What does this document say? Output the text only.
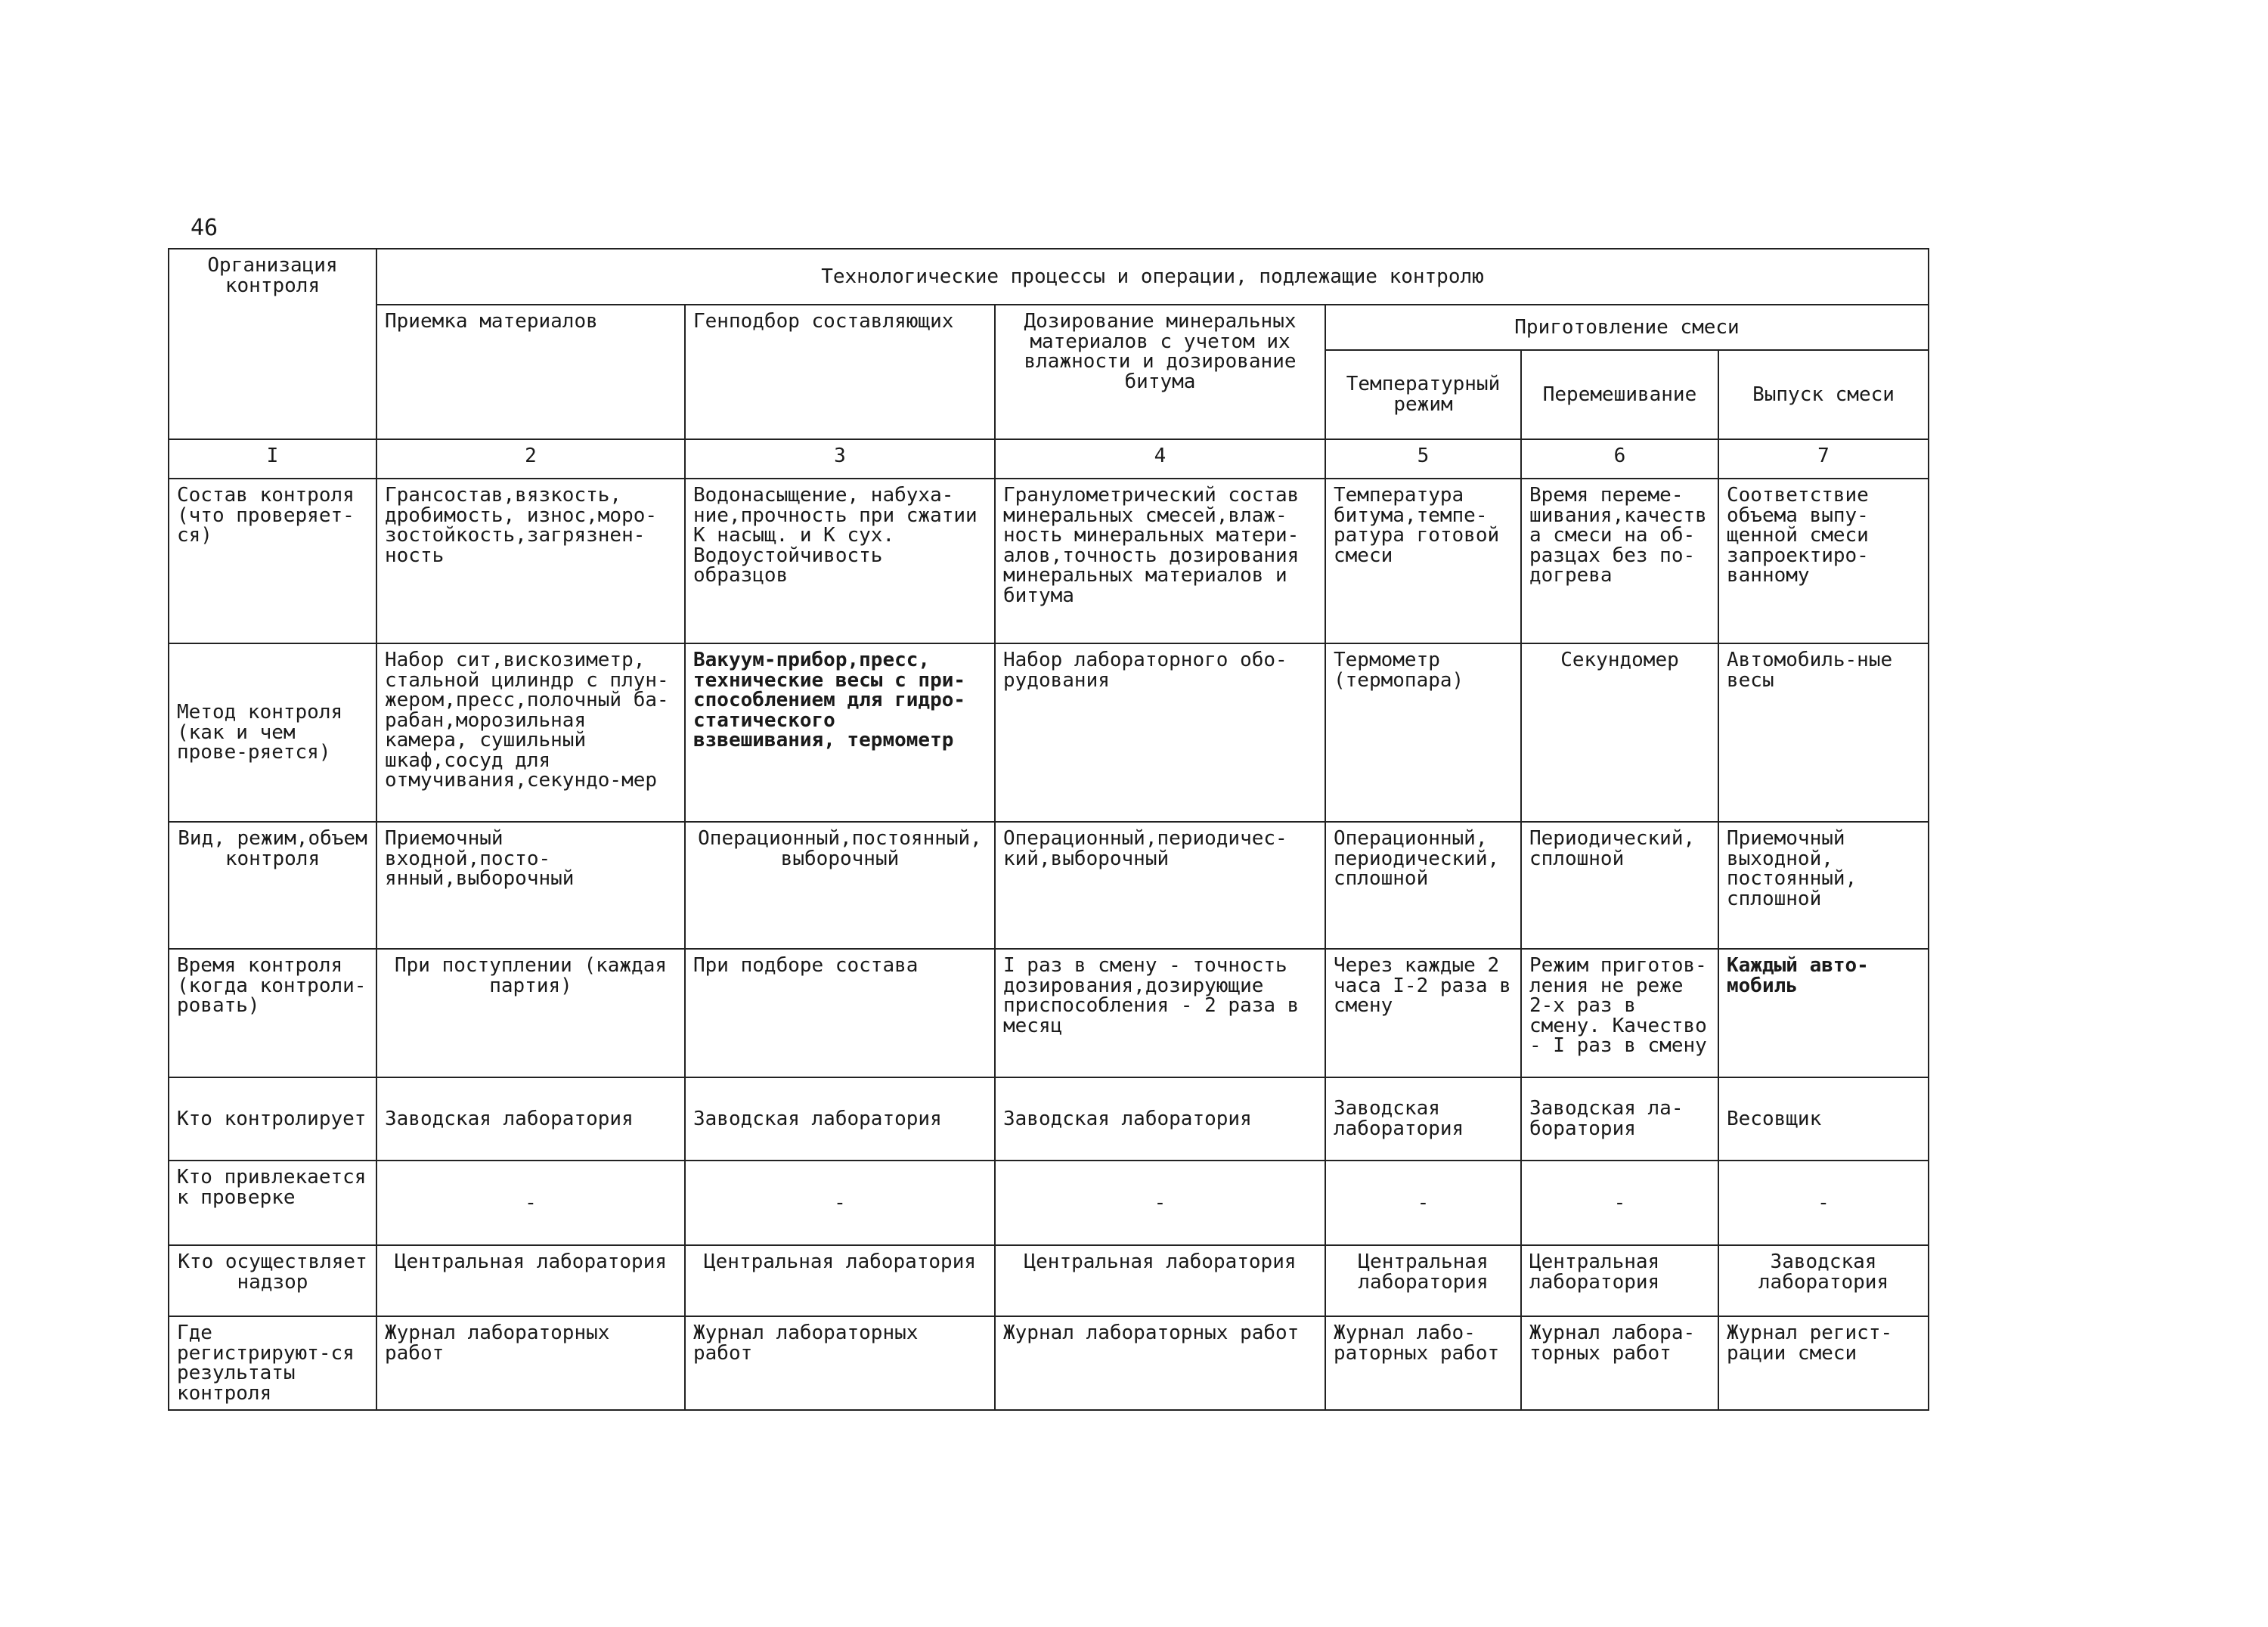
46
Организация контроля	Технологические процессы и операции, подлежащие контролю					
	Приемка материалов	Генподбор составляющих	Дозирование минеральных материалов с учетом их влажности и дозирование битума	Приготовление смеси		
				Температурный режим	Перемешивание	Выпуск смеси
I	2	3	4	5	6	7
Состав контроля (что проверяет-ся)	Грансостав,вязкость, дробимость, износ,моро-зостойкость,загрязнен-ность	Водонасыщение, набуха-ние,прочность при сжатии К насыщ. и К сух. Водоустойчивость образцов	Гранулометрический состав минеральных смесей,влаж-ность минеральных матери-алов,точность дозирования минеральных материалов и битума	Температура битума,темпе-ратура готовой смеси	Время переме-шивания,качества смеси на об-разцах без по-догрева	Соответствие объема выпу-щенной смеси запроектиро-ванному
Метод контроля (как и чем прове-ряется)	Набор сит,вискозиметр, стальной цилиндр с плун-жером,пресс,полочный ба-рабан,морозильная камера, сушильный шкаф,сосуд для отмучивания,секундо-мер	Вакуум-прибор,пресс, технические весы с при-способлением для гидро-статического взвешивания, термометр	Набор лабораторного обо-рудования	Термометр (термопара)	Секундомер	Автомобиль-ные весы
Вид, режим,объем контроля	Приемочный входной,посто-янный,выборочный	Операционный,постоянный, выборочный	Операционный,периодичес-кий,выборочный	Операционный, периодический, сплошной	Периодический, сплошной	Приемочный выходной, постоянный, сплошной
Время контроля (когда контроли-ровать)	При поступлении (каждая партия)	При подборе состава	I раз в смену - точность дозирования,дозирующие приспособления - 2 раза в месяц	Через каждые 2 часа I-2 раза в смену	Режим приготов-ления не реже 2-х раз в смену. Качество - I раз в смену	Каждый авто-мобиль
Кто контролирует	Заводская лаборатория	Заводская лаборатория	Заводская лаборатория	Заводская лаборатория	Заводская ла-боратория	Весовщик
Кто привлекается к проверке	-	-	-	-	-	-
Кто осуществляет надзор	Центральная лаборатория	Центральная лаборатория	Центральная лаборатория	Центральная лаборатория	Центральная лаборатория	Заводская лаборатория
Где регистрируют-ся результаты контроля	Журнал лабораторных работ	Журнал лабораторных работ	Журнал лабораторных работ	Журнал лабо-раторных работ	Журнал лабора-торных работ	Журнал регист-рации смеси
